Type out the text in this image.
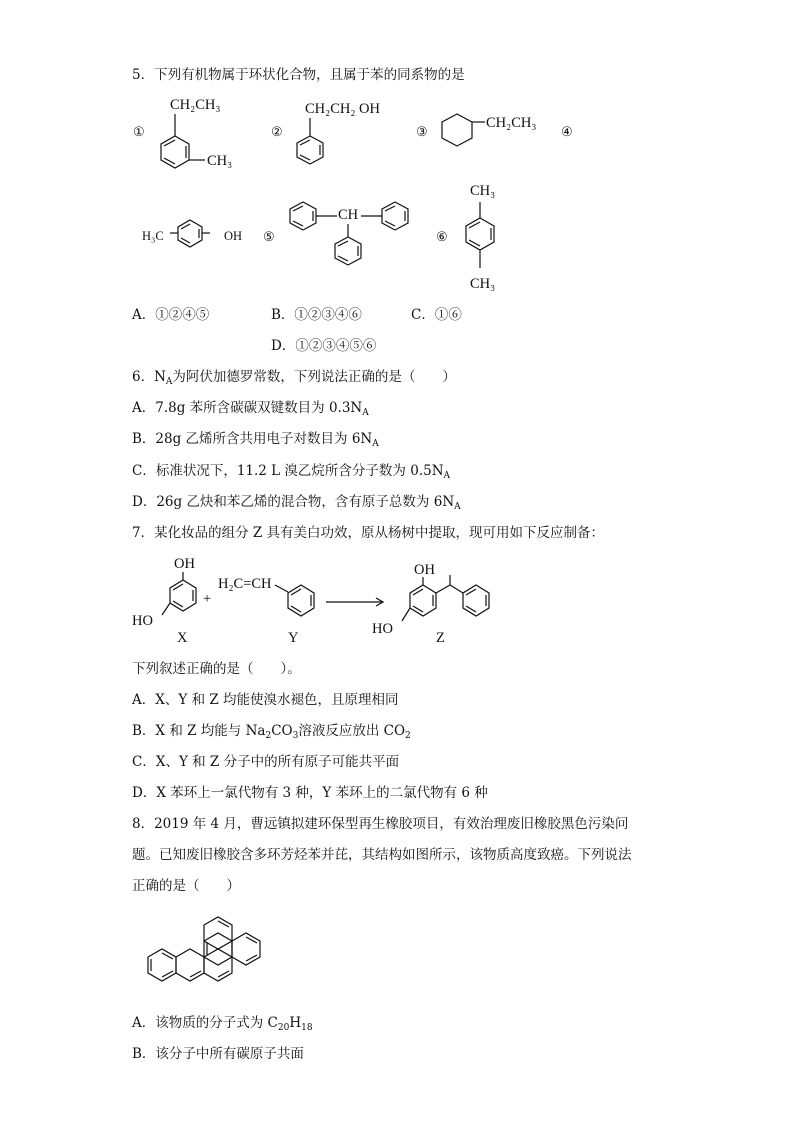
5．下列有机物属于环状化合物，且属于苯的同系物的是
①
CH₂CH₃
CH₃
②
CH₂CH₂ OH
③
CH₂CH₃
④
H₃C	OH ⑤
CH
⑥
CH₃
CH₃
A．①②④⑤	B．①②③④⑥	C．①⑥
D．①②③④⑤⑥
6．$N_A$为阿伏加德罗常数，下列说法正确的是（　　）
A．7.8g 苯所含碳碳双键数目为 $0.3N_A$
B．28g 乙烯所含共用电子对数目为 $6N_A$
C．标准状况下，11.2 L 溴乙烷所含分子数为 $0.5N_A$
D．26g 乙炔和苯乙烯的混合物，含有原子总数为 $6N_A$
7．某化妆品的组分 Z 具有美白功效，原从杨树中提取，现可用如下反应制备：
OH
HO
+
X
H₂C=CH
Y
OH
HO
Z
下列叙述正确的是（　　）。
A．X、Y 和 Z 均能使溴水褪色，且原理相同
B．X 和 Z 均能与 $Na_2CO_3$溶液反应放出 $CO_2$
C．X、Y 和 Z 分子中的所有原子可能共平面
D．X 苯环上一氯代物有 3 种，Y 苯环上的二氯代物有 6 种
8．2019 年 4 月，曹远镇拟建环保型再生橡胶项目，有效治理废旧橡胶黑色污染问
题。已知废旧橡胶含多环芳烃苯并芘，其结构如图所示，该物质高度致癌。下列说法
正确的是（　　）
A．该物质的分子式为 $C_{20}H_{18}$
B．该分子中所有碳原子共面
